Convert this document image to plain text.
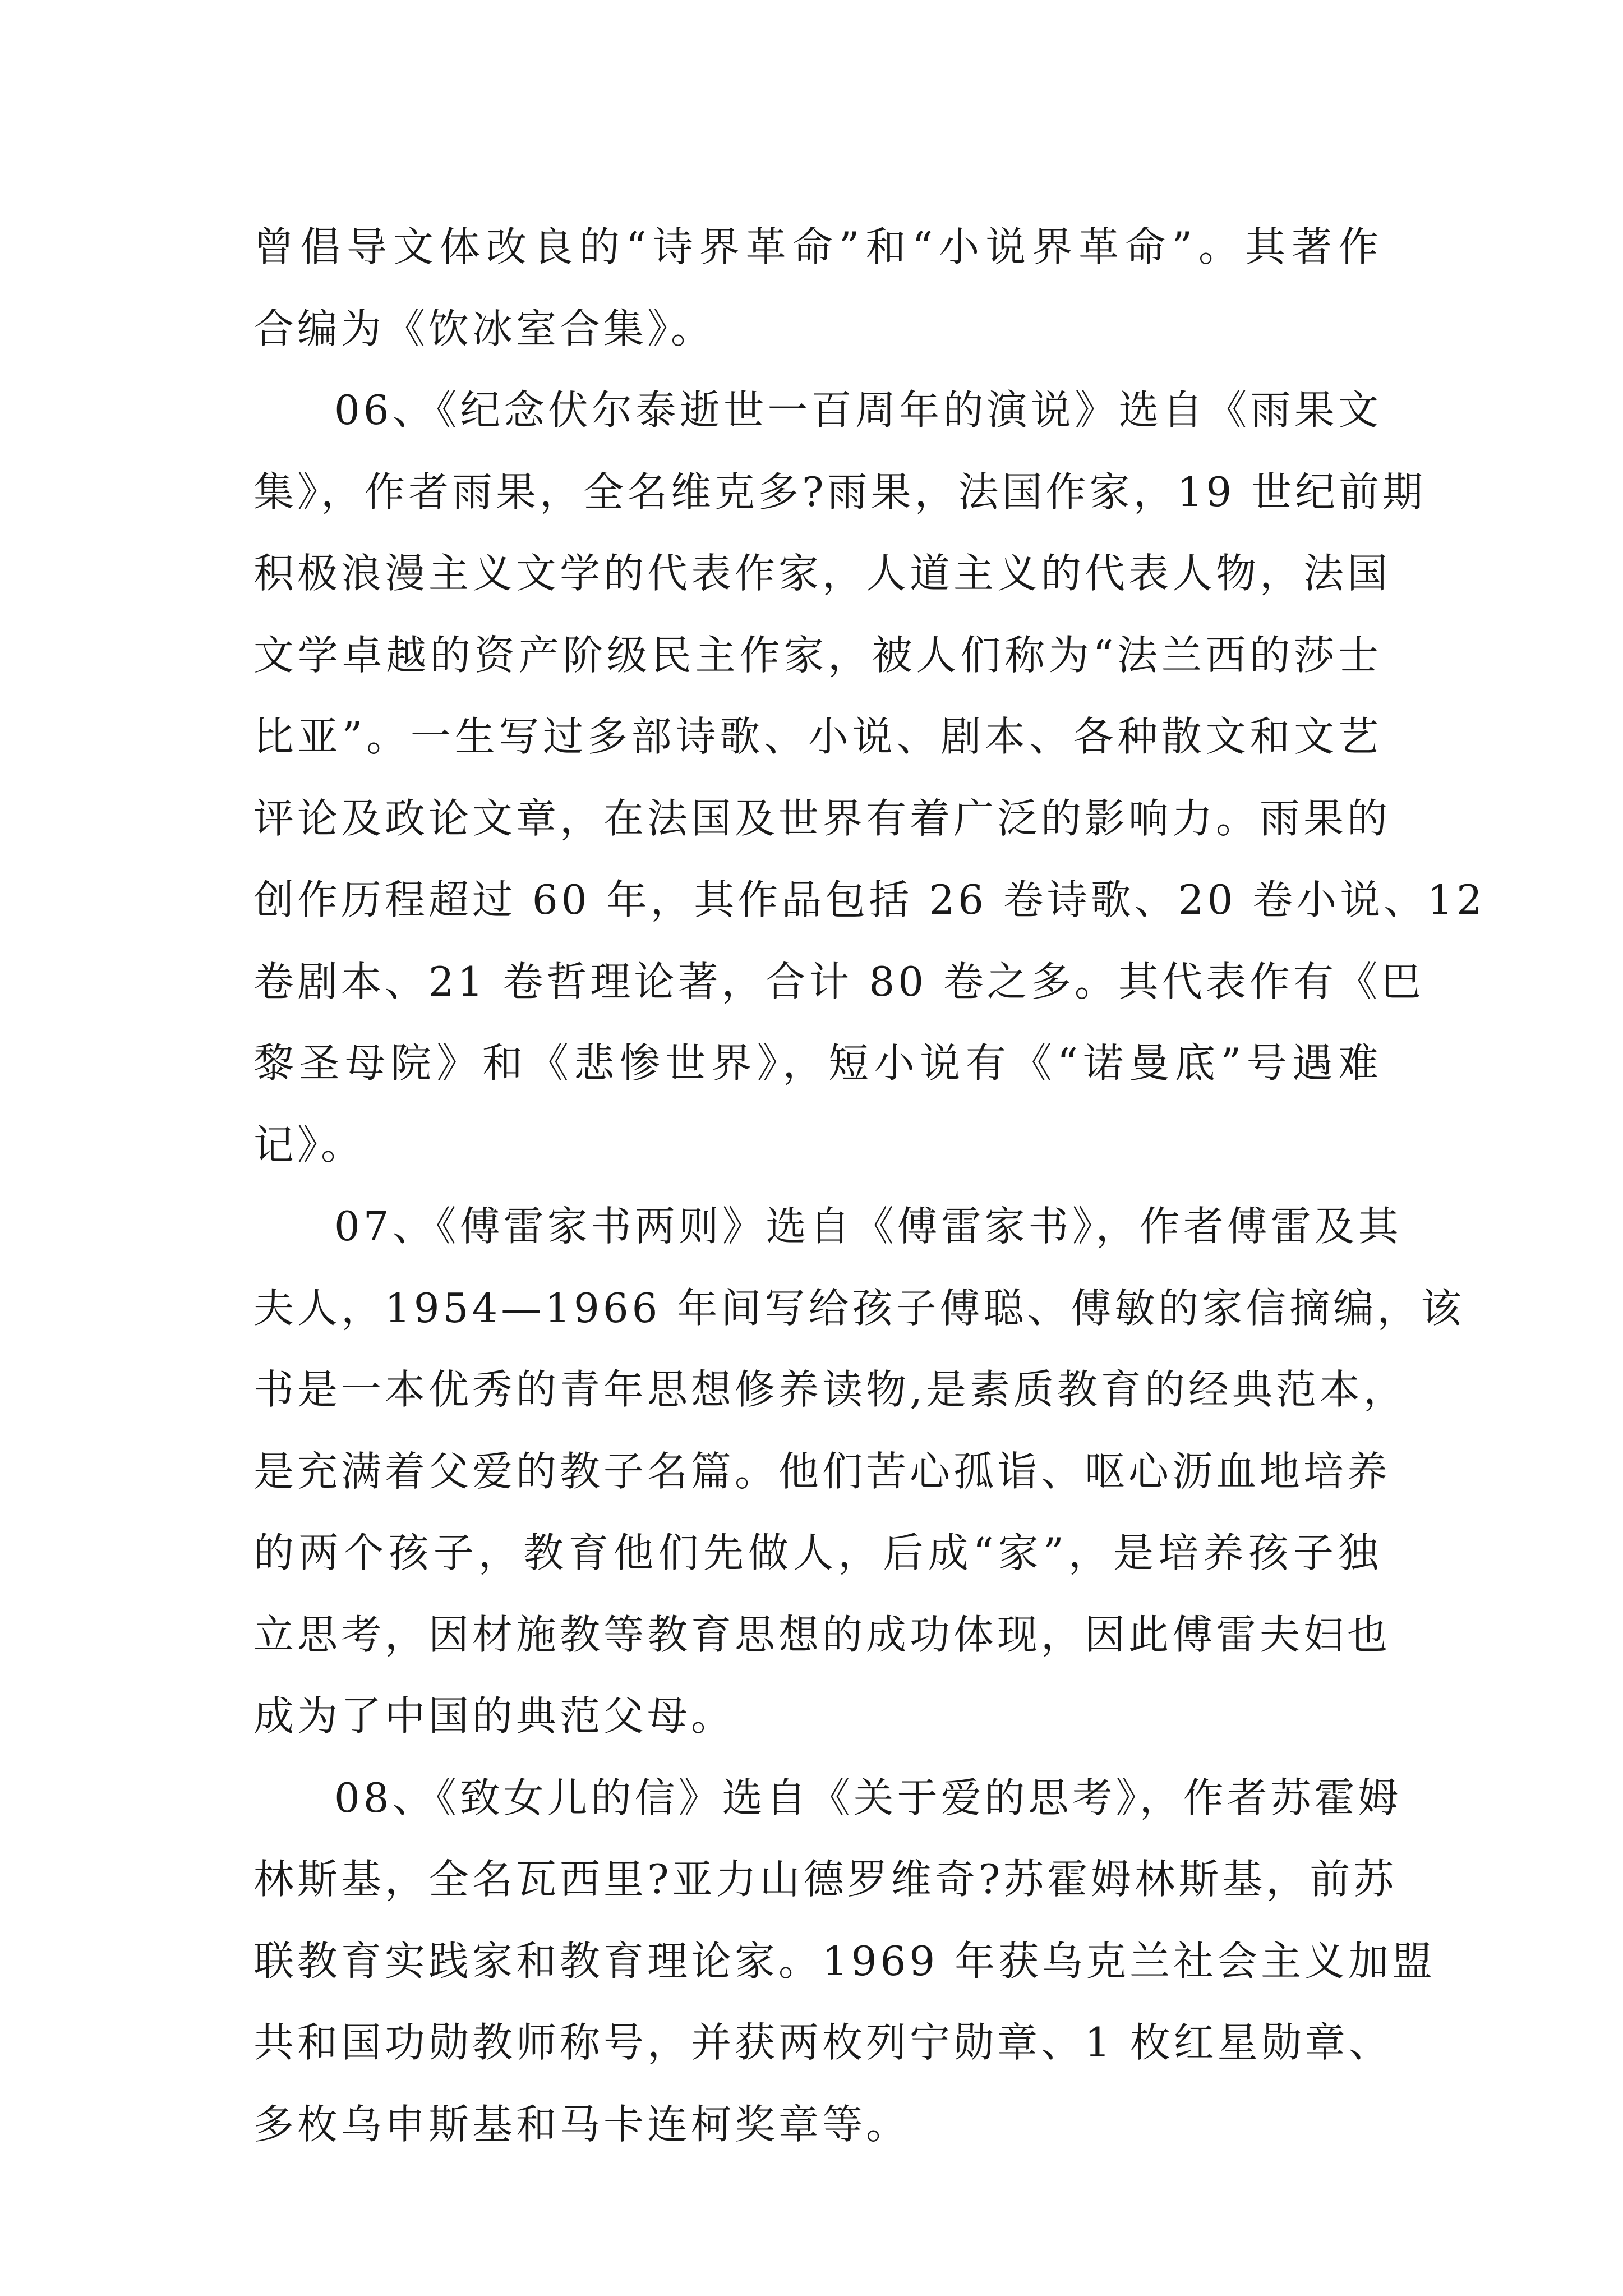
曾倡导文体改良的“诗界革命”和“小说界革命”。其著作
合编为《饮冰室合集》。
06、《纪念伏尔泰逝世一百周年的演说》选自《雨果文
集》，作者雨果，全名维克多?雨果，法国作家，19 世纪前期
积极浪漫主义文学的代表作家，人道主义的代表人物，法国
文学卓越的资产阶级民主作家，被人们称为“法兰西的莎士
比亚”。一生写过多部诗歌、小说、剧本、各种散文和文艺
评论及政论文章，在法国及世界有着广泛的影响力。雨果的
创作历程超过 60 年，其作品包括 26 卷诗歌、20 卷小说、12
卷剧本、21 卷哲理论著，合计 80 卷之多。其代表作有《巴
黎圣母院》和《悲惨世界》，短小说有《“诺曼底”号遇难
记》。
07、《傅雷家书两则》选自《傅雷家书》，作者傅雷及其
夫人，1954—1966 年间写给孩子傅聪、傅敏的家信摘编，该
书是一本优秀的青年思想修养读物,是素质教育的经典范本，
是充满着父爱的教子名篇。他们苦心孤诣、呕心沥血地培养
的两个孩子，教育他们先做人，后成“家”，是培养孩子独
立思考，因材施教等教育思想的成功体现，因此傅雷夫妇也
成为了中国的典范父母。
08、《致女儿的信》选自《关于爱的思考》，作者苏霍姆
林斯基，全名瓦西里?亚力山德罗维奇?苏霍姆林斯基，前苏
联教育实践家和教育理论家。1969 年获乌克兰社会主义加盟
共和国功勋教师称号，并获两枚列宁勋章、1 枚红星勋章、
多枚乌申斯基和马卡连柯奖章等。
